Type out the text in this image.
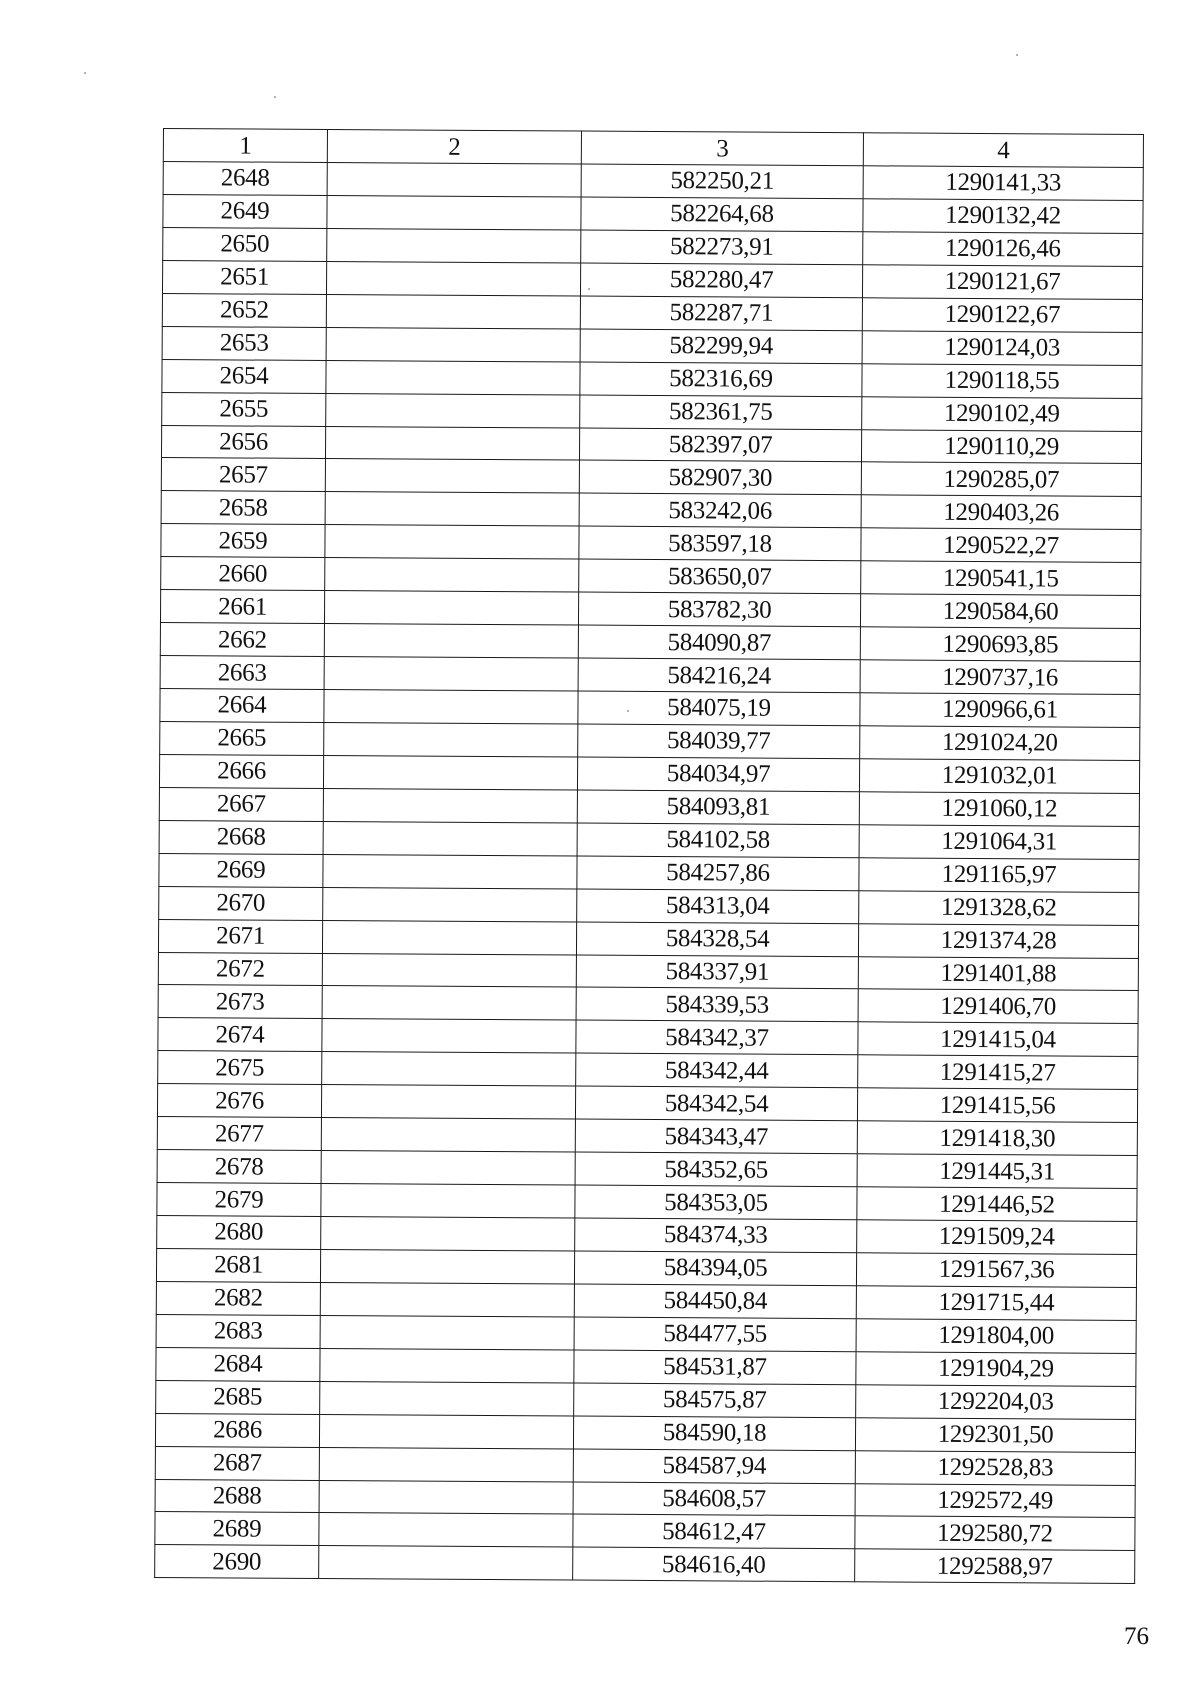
1	2	3	4
2648		582250,21	1290141,33
2649		582264,68	1290132,42
2650		582273,91	1290126,46
2651		582280,47	1290121,67
2652		582287,71	1290122,67
2653		582299,94	1290124,03
2654		582316,69	1290118,55
2655		582361,75	1290102,49
2656		582397,07	1290110,29
2657		582907,30	1290285,07
2658		583242,06	1290403,26
2659		583597,18	1290522,27
2660		583650,07	1290541,15
2661		583782,30	1290584,60
2662		584090,87	1290693,85
2663		584216,24	1290737,16
2664		584075,19	1290966,61
2665		584039,77	1291024,20
2666		584034,97	1291032,01
2667		584093,81	1291060,12
2668		584102,58	1291064,31
2669		584257,86	1291165,97
2670		584313,04	1291328,62
2671		584328,54	1291374,28
2672		584337,91	1291401,88
2673		584339,53	1291406,70
2674		584342,37	1291415,04
2675		584342,44	1291415,27
2676		584342,54	1291415,56
2677		584343,47	1291418,30
2678		584352,65	1291445,31
2679		584353,05	1291446,52
2680		584374,33	1291509,24
2681		584394,05	1291567,36
2682		584450,84	1291715,44
2683		584477,55	1291804,00
2684		584531,87	1291904,29
2685		584575,87	1292204,03
2686		584590,18	1292301,50
2687		584587,94	1292528,83
2688		584608,57	1292572,49
2689		584612,47	1292580,72
2690		584616,40	1292588,97
76
